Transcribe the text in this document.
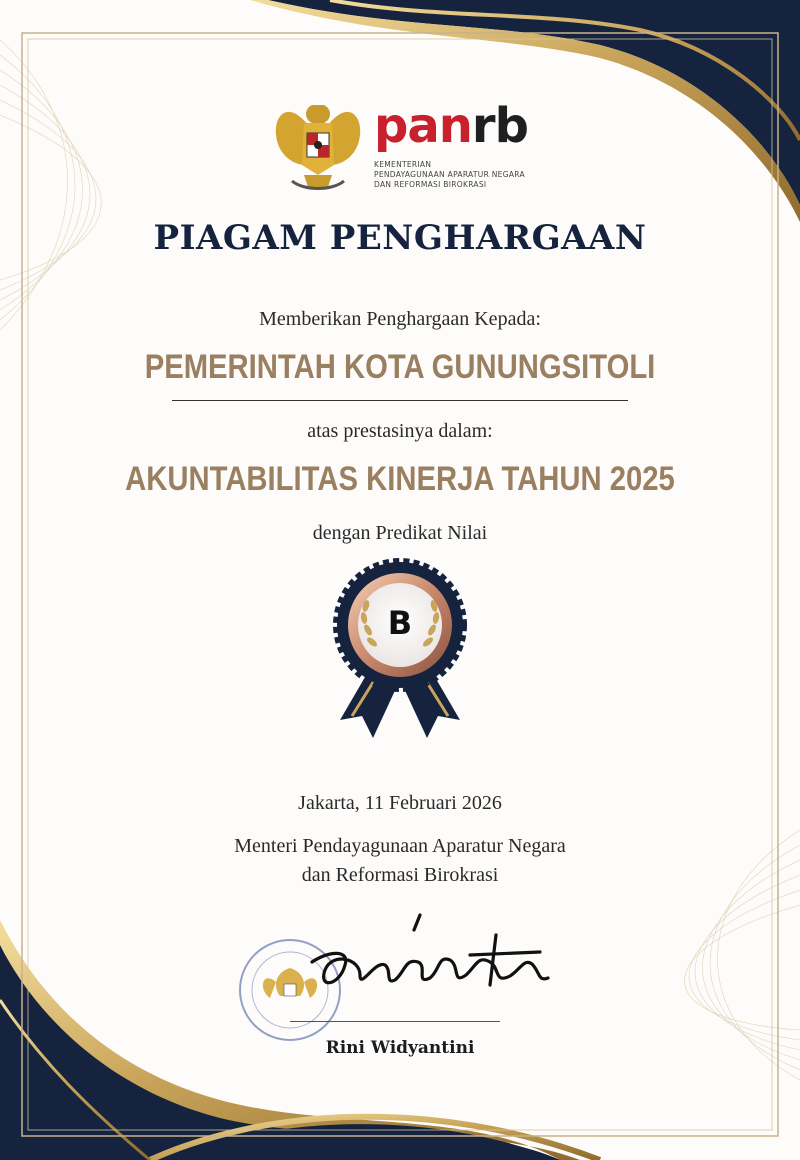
panrb
KEMENTERIAN
PENDAYAGUNAAN APARATUR NEGARA
DAN REFORMASI BIROKRASI
PIAGAM PENGHARGAAN
Memberikan Penghargaan Kepada:
PEMERINTAH KOTA GUNUNGSITOLI
atas prestasinya dalam:
AKUNTABILITAS KINERJA TAHUN 2025
dengan Predikat Nilai
B
Jakarta, 11 Februari 2026
Menteri Pendayagunaan Aparatur Negara
dan Reformasi Birokrasi
Rini Widyantini
